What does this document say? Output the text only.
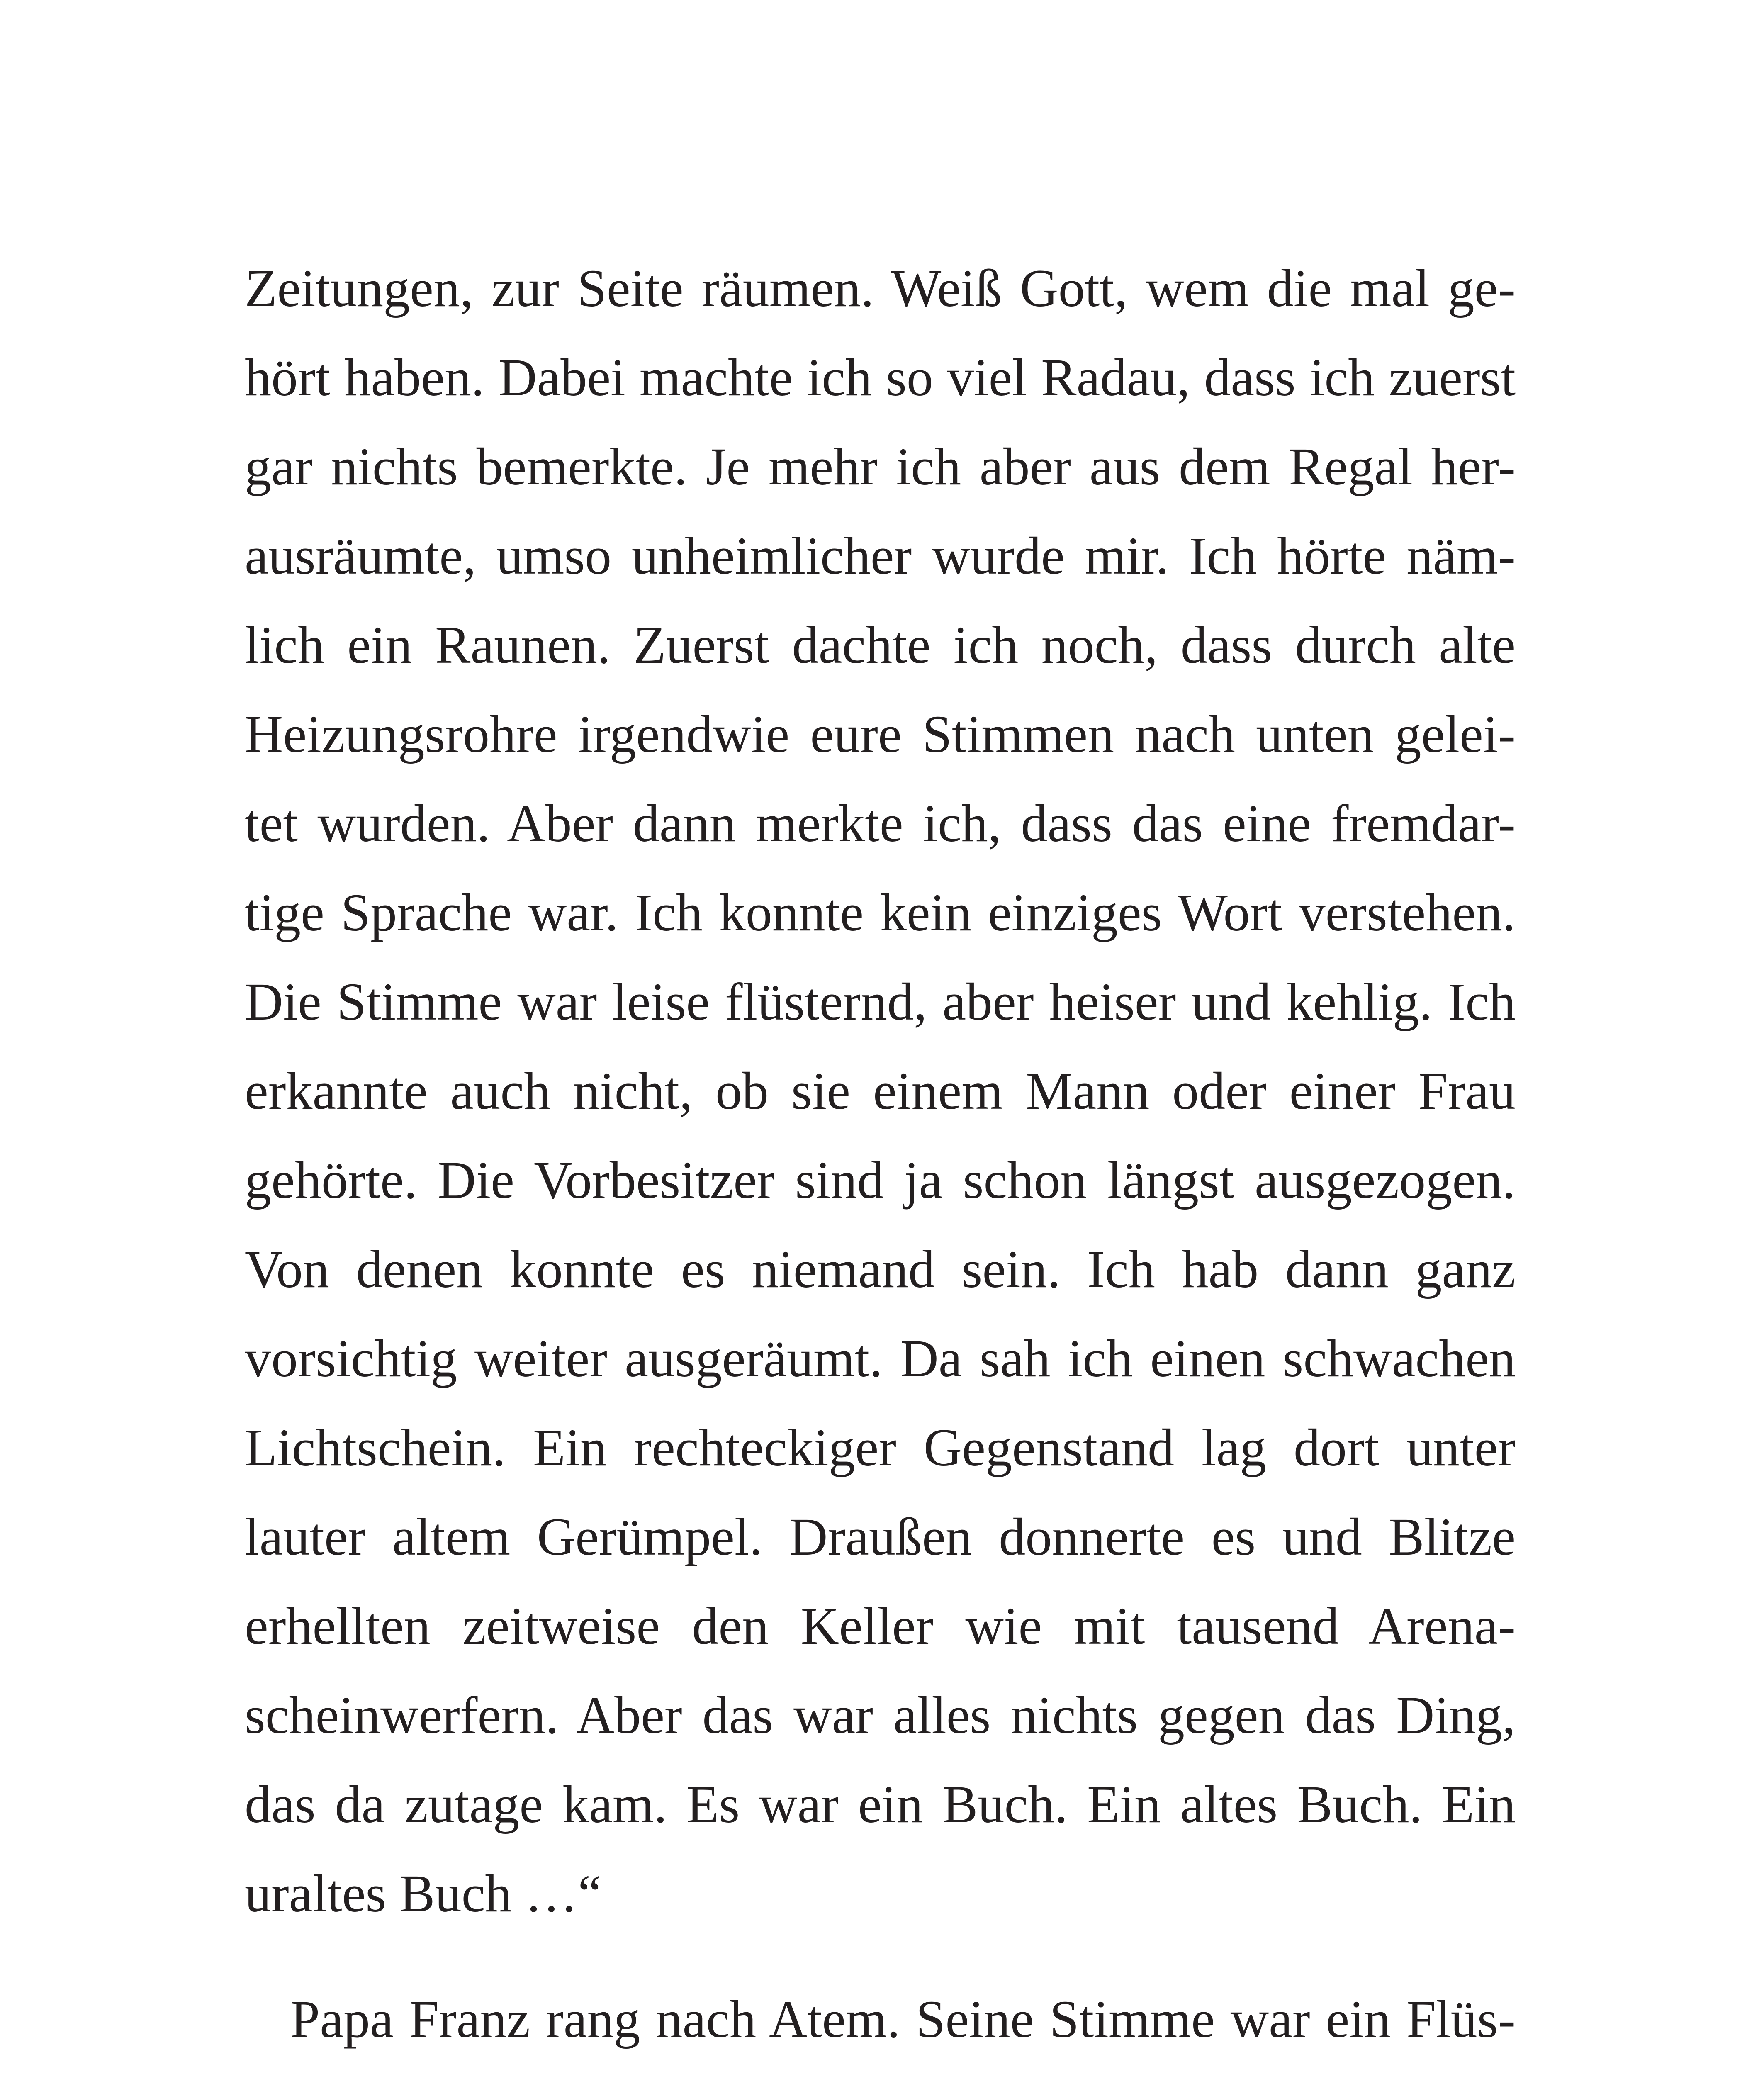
Zeitungen, zur Seite räumen. Weiß Gott, wem die mal ge-
hört haben. Dabei machte ich so viel Radau, dass ich zuerst
gar nichts bemerkte. Je mehr ich aber aus dem Regal her-
ausräumte, umso unheimlicher wurde mir. Ich hörte näm-
lich ein Raunen. Zuerst dachte ich noch, dass durch alte
Heizungsrohre irgendwie eure Stimmen nach unten gelei-
tet wurden. Aber dann merkte ich, dass das eine fremdar-
tige Sprache war. Ich konnte kein einziges Wort verstehen.
Die Stimme war leise flüsternd, aber heiser und kehlig. Ich
erkannte auch nicht, ob sie einem Mann oder einer Frau
gehörte. Die Vorbesitzer sind ja schon längst ausgezogen.
Von denen konnte es niemand sein. Ich hab dann ganz
vorsichtig weiter ausgeräumt. Da sah ich einen schwachen
Lichtschein. Ein rechteckiger Gegenstand lag dort unter
lauter altem Gerümpel. Draußen donnerte es und Blitze
erhellten zeitweise den Keller wie mit tausend Arena-
scheinwerfern. Aber das war alles nichts gegen das Ding,
das da zutage kam. Es war ein Buch. Ein altes Buch. Ein
uraltes Buch …“
Papa Franz rang nach Atem. Seine Stimme war ein Flüs-
